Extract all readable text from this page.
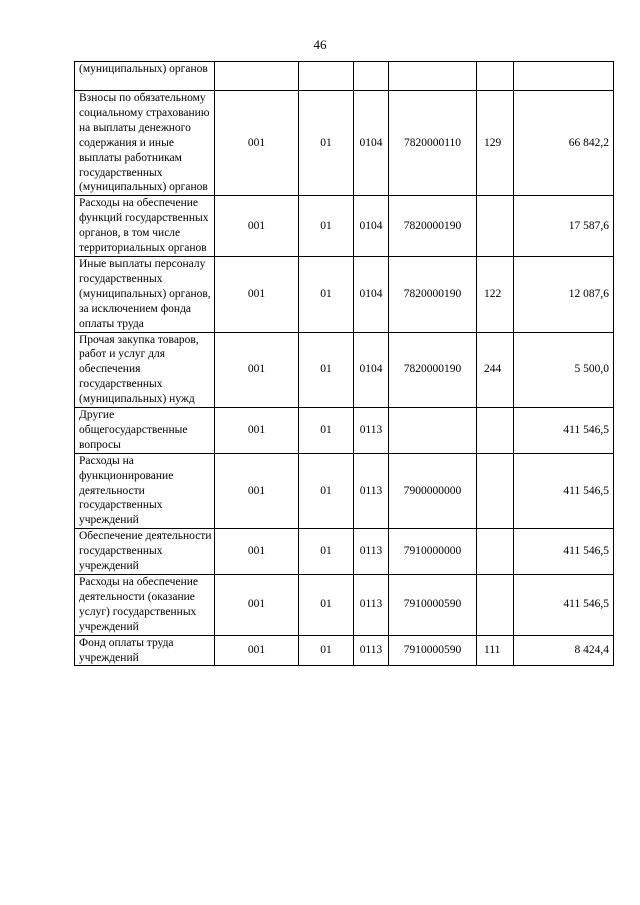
46
(муниципальных) органов						
Взносы по обязательному социальному страхованию на выплаты денежного содержания и иные выплаты работникам государственных (муниципальных) органов	001	01	0104	7820000110	129	66 842,2
Расходы на обеспечение функций государственных органов, в том числе территориальных органов	001	01	0104	7820000190		17 587,6
Иные выплаты персоналу государственных (муниципальных) органов, за исключением фонда оплаты труда	001	01	0104	7820000190	122	12 087,6
Прочая закупка товаров, работ и услуг для обеспечения государственных (муниципальных) нужд	001	01	0104	7820000190	244	5 500,0
Другие общегосударственные вопросы	001	01	0113			411 546,5
Расходы на функционирование деятельности государственных учреждений	001	01	0113	7900000000		411 546,5
Обеспечение деятельности государственных учреждений	001	01	0113	7910000000		411 546,5
Расходы на обеспечение деятельности (оказание услуг) государственных учреждений	001	01	0113	7910000590		411 546,5
Фонд оплаты труда учреждений	001	01	0113	7910000590	111	8 424,4
